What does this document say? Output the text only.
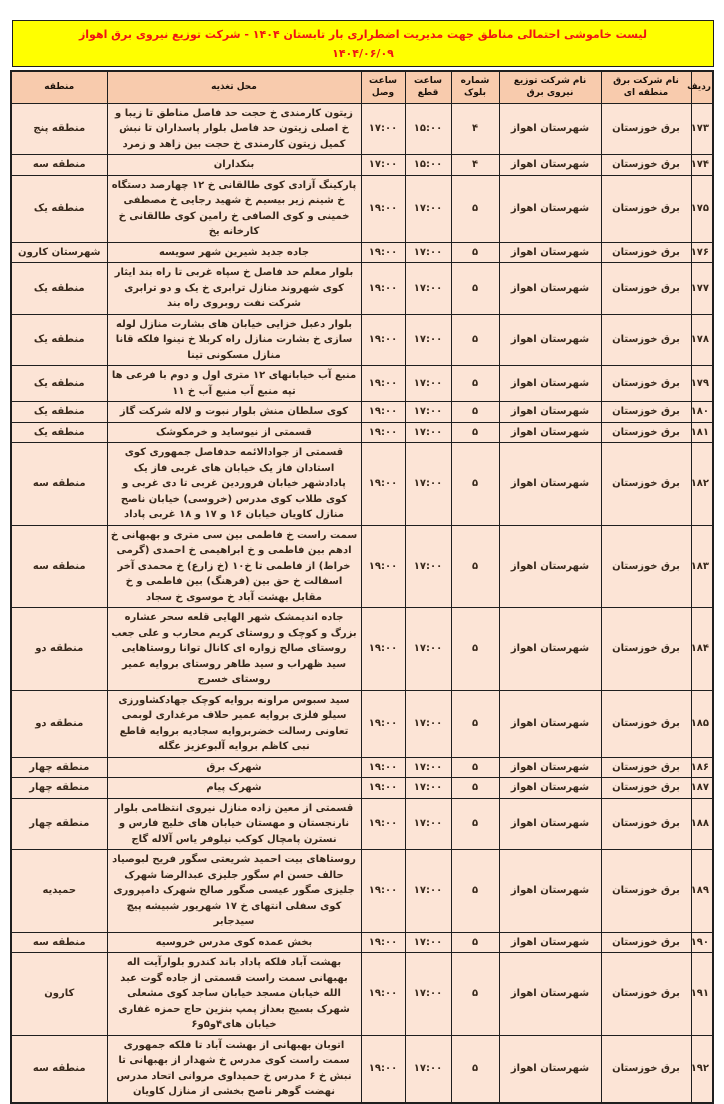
لیست خاموشی احتمالی مناطق جهت مدیریت اضطراری بار تابستان ۱۴۰۴ - شرکت توزیع نیروی برق اهواز
۱۴۰۴/۰۶/۰۹
ردیف	نام شرکت برق منطقه ای	نام شرکت توزیع نیروی برق	شماره بلوک	ساعت قطع	ساعت وصل	محل تغذیه	منطقه
۱۷۳	برق خوزستان	شهرستان اهواز	۴	۱۵:۰۰	۱۷:۰۰	زیتون کارمندی خ حجت حد فاصل مناطق تا زیبا و خ اصلی زیتون حد فاصل بلوار پاسداران تا نبش کمیل زیتون کارمندی خ حجت بین زاهد و زمرد	منطقه پنج
۱۷۴	برق خوزستان	شهرستان اهواز	۴	۱۵:۰۰	۱۷:۰۰	بنکداران	منطقه سه
۱۷۵	برق خوزستان	شهرستان اهواز	۵	۱۷:۰۰	۱۹:۰۰	پارکینگ آزادی کوی طالقانی خ ۱۲ چهارصد دستگاه خ شینم زیر بیسیم خ شهید رجایی خ مصطفی خمینی و کوی الصافی خ رامین کوی طالقانی خ کارخانه یخ	منطقه یک
۱۷۶	برق خوزستان	شهرستان اهواز	۵	۱۷:۰۰	۱۹:۰۰	جاده جدید شیرین شهر سویسه	شهرستان کارون
۱۷۷	برق خوزستان	شهرستان اهواز	۵	۱۷:۰۰	۱۹:۰۰	بلوار معلم حد فاصل خ سپاه غربی تا راه بند ایثار کوی شهروند منازل ترابری خ یک و دو ترابری شرکت نفت روبروی راه بند	منطقه یک
۱۷۸	برق خوزستان	شهرستان اهواز	۵	۱۷:۰۰	۱۹:۰۰	بلوار دعبل خزایی خیابان های بشارت منازل لوله سازی خ بشارت منازل راه کربلا خ نینوا فلکه قانا منازل مسکونی تینا	منطقه یک
۱۷۹	برق خوزستان	شهرستان اهواز	۵	۱۷:۰۰	۱۹:۰۰	منبع آب خیابانهای ۱۲ متری اول و دوم با فرعی ها تپه منبع آب منبع آب خ ۱۱	منطقه یک
۱۸۰	برق خوزستان	شهرستان اهواز	۵	۱۷:۰۰	۱۹:۰۰	کوی سلطان منش بلوار نبوت و لاله شرکت گاز	منطقه یک
۱۸۱	برق خوزستان	شهرستان اهواز	۵	۱۷:۰۰	۱۹:۰۰	قسمتی از نیوساید و خرمکوشک	منطقه یک
۱۸۲	برق خوزستان	شهرستان اهواز	۵	۱۷:۰۰	۱۹:۰۰	قسمتی از جوادالائمه حدفاصل جمهوری کوی استادان فاز یک خیابان های غربی فاز یک پادادشهر خیابان فروردین غربی تا دی غربی و کوی طلاب کوی مدرس (خروسی) خیابان ناصح منازل کاویان خیابان ۱۶ و ۱۷ و ۱۸ غربی پاداد	منطقه سه
۱۸۳	برق خوزستان	شهرستان اهواز	۵	۱۷:۰۰	۱۹:۰۰	سمت راست خ فاطمی بین سی متری و بهبهانی خ ادهم بین فاطمی و خ ابراهیمی خ احمدی (گرمی خراط) از فاطمی تا خ۱۰ (خ زارع) خ محمدی آخر اسفالت خ حق بین (فرهنگ) بین فاطمی و خ مقابل بهشت آباد خ موسوی خ سجاد	منطقه سه
۱۸۴	برق خوزستان	شهرستان اهواز	۵	۱۷:۰۰	۱۹:۰۰	جاده اندیمشک شهر الهایی قلعه سحر عشاره بزرگ و کوچک و روستای کریم محارب و علی جعب روستای صالح زواره ای کانال توانا روستاهایی سید ظهراب و سید طاهر روستای بروایه عمیر روستای خسرج	منطقه دو
۱۸۵	برق خوزستان	شهرستان اهواز	۵	۱۷:۰۰	۱۹:۰۰	سید سبوس مراونه بروایه کوچک جهادکشاورزی سیلو فلزی بروایه عمیر حلاف مرغداری لوبمی تعاونی رسالت خضربروایه سجادیه بروایه قاطع نبی کاظم بروایه آلبوعزیز عگله	منطقه دو
۱۸۶	برق خوزستان	شهرستان اهواز	۵	۱۷:۰۰	۱۹:۰۰	شهرک برق	منطقه چهار
۱۸۷	برق خوزستان	شهرستان اهواز	۵	۱۷:۰۰	۱۹:۰۰	شهرک پیام	منطقه چهار
۱۸۸	برق خوزستان	شهرستان اهواز	۵	۱۷:۰۰	۱۹:۰۰	قسمتی از معین زاده منازل نیروی انتظامی بلوار نارنجستان و مهستان خیابان های خلیج فارس و نسترن پامچال کوکب نیلوفر یاس آلاله گاج	منطقه چهار
۱۸۹	برق خوزستان	شهرستان اهواز	۵	۱۷:۰۰	۱۹:۰۰	روستاهای بیت احمید شریعتی سگور فریح لبوصیاد حالف حسن ام سگور جلیزی عبدالرضا شهرک جلیزی صگور عیسی صگور صالح شهرک دامپروری کوی سفلی انتهای خ ۱۷ شهریور شبیشه پیچ سیدجابر	حمیدیه
۱۹۰	برق خوزستان	شهرستان اهواز	۵	۱۷:۰۰	۱۹:۰۰	بخش عمده کوی مدرس خروسیه	منطقه سه
۱۹۱	برق خوزستان	شهرستان اهواز	۵	۱۷:۰۰	۱۹:۰۰	بهشت آباد فلکه پاداد باند کندرو بلوارآیت اله بهبهانی سمت راست قسمتی از جاده گوت عبد الله خیابان مسجد خیابان ساجد کوی مشعلی شهرک بسیج بعداز پمپ بنزین حاج حمزه غفاری خیابان های۴و۵و۶	کارون
۱۹۲	برق خوزستان	شهرستان اهواز	۵	۱۷:۰۰	۱۹:۰۰	اتوبان بهبهانی از بهشت آباد تا فلکه جمهوری سمت راست کوی مدرس خ شهدار از بهبهانی تا نبش خ ۶ مدرس خ حمیداوی مروانی اتحاد مدرس نهضت گوهر ناصح بخشی از منازل کاویان	منطقه سه
